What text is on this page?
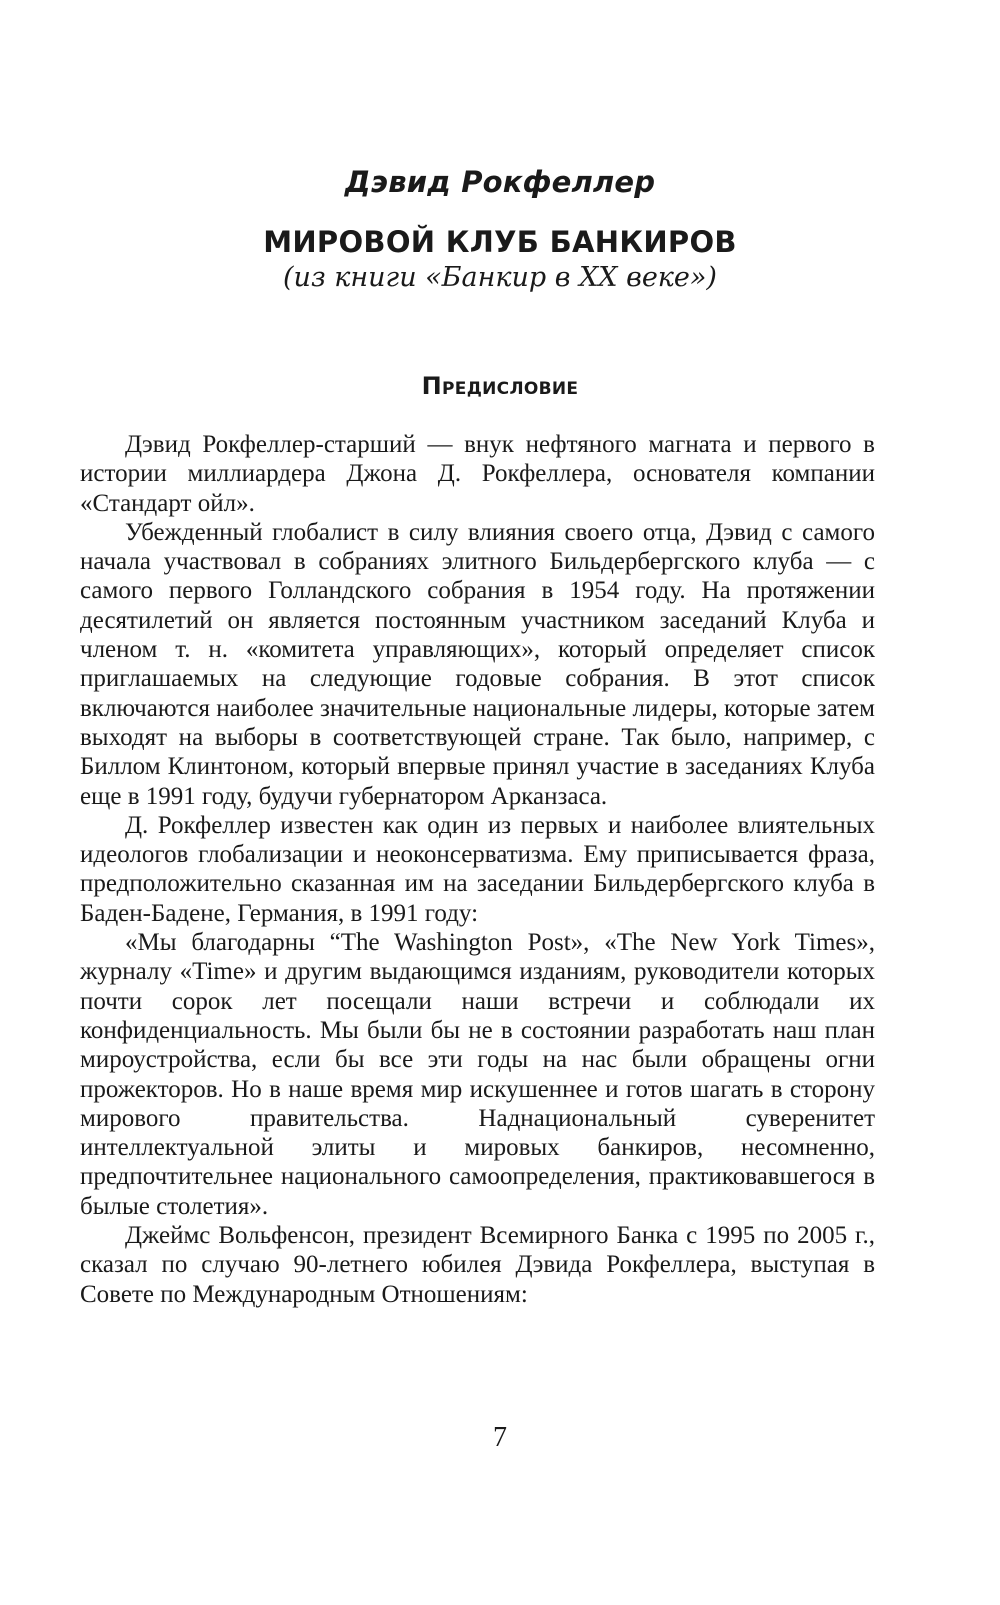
Дэвид Рокфеллер
МИРОВОЙ КЛУБ БАНКИРОВ
(из книги «Банкир в XX веке»)
Предисловие

Дэвид Рокфеллер-старший — внук нефтяного магната и первого в истории миллиардера Джона Д. Рокфеллера, основателя компании «Стандарт ойл».

Убежденный глобалист в силу влияния своего отца, Дэвид с самого начала участвовал в собраниях элитного Бильдербергского клуба — с самого первого Голландского собрания в 1954 году. На протяжении десятилетий он является постоянным участником заседаний Клуба и членом т. н. «комитета управляющих», который определяет список приглашаемых на следующие годовые собрания. В этот список включаются наиболее значительные национальные лидеры, которые затем выходят на выборы в соответствующей стране. Так было, например, с Биллом Клинтоном, который впервые принял участие в заседаниях Клуба еще в 1991 году, будучи губернатором Арканзаса.

Д. Рокфеллер известен как один из первых и наиболее влиятельных идеологов глобализации и неоконсерватизма. Ему приписывается фраза, предположительно сказанная им на заседании Бильдербергского клуба в Баден-Бадене, Германия, в 1991 году:

«Мы благодарны “The Washington Post», «The New York Times», журналу «Time» и другим выдающимся изданиям, руководители которых почти сорок лет посещали наши встречи и соблюдали их конфиденциальность. Мы были бы не в состоянии разработать наш план мироустройства, если бы все эти годы на нас были обращены огни прожекторов. Но в наше время мир искушеннее и готов шагать в сторону мирового правительства. Наднациональный суверенитет интеллектуальной элиты и мировых банкиров, несомненно, предпочтительнее национального самоопределения, практиковавшегося в былые столетия».

Джеймс Вольфенсон, президент Всемирного Банка с 1995 по 2005 г., сказал по случаю 90-летнего юбилея Дэвида Рокфеллера, выступая в Совете по Международным Отношениям:

7
